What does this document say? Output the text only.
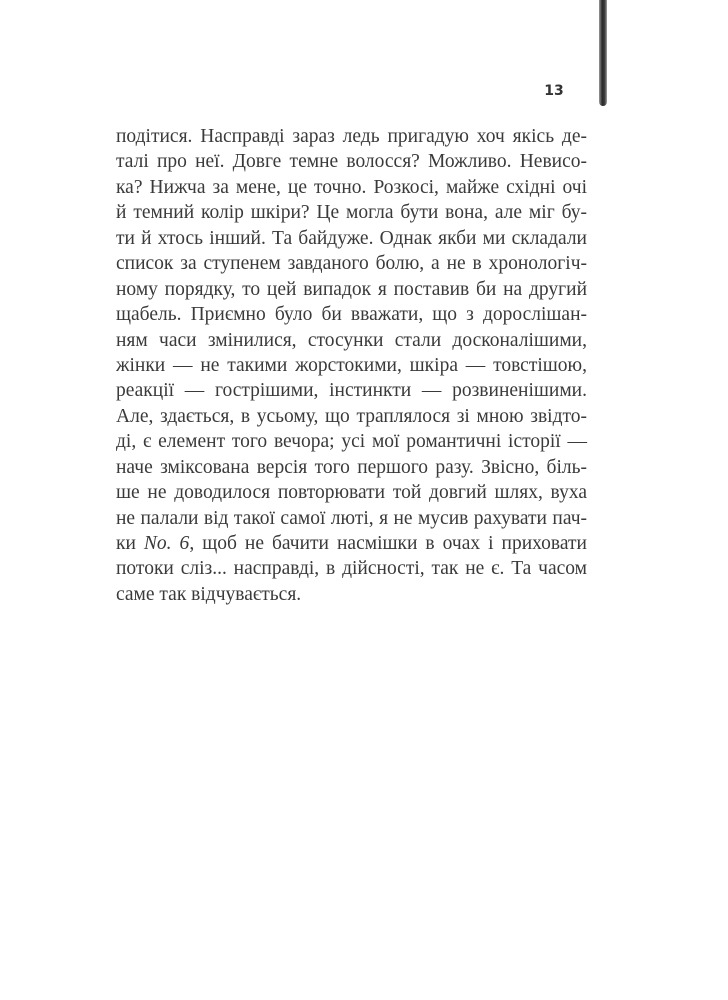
13
подітися. Насправді зараз ледь пригадую хоч якісь де-
талі про неї. Довге темне волосся? Можливо. Невисо-
ка? Нижча за мене, це точно. Розкосі, майже східні очі
й темний колір шкіри? Це могла бути вона, але міг бу-
ти й хтось інший. Та байдуже. Однак якби ми складали
список за ступенем завданого болю, а не в хронологіч-
ному порядку, то цей випадок я поставив би на другий
щабель. Приємно було би вважати, що з дорослішан-
ням часи змінилися, стосунки стали досконалішими,
жінки — не такими жорстокими, шкіра — товстішою,
реакції — гострішими, інстинкти — розвиненішими.
Але, здається, в усьому, що траплялося зі мною звідто-
ді, є елемент того вечора; усі мої романтичні історії —
наче зміксована версія того першого разу. Звісно, біль-
ше не доводилося повторювати той довгий шлях, вуха
не палали від такої самої люті, я не мусив рахувати пач-
ки No. 6, щоб не бачити насмішки в очах і приховати
потоки сліз... насправді, в дійсності, так не є. Та часом
саме так відчувається.
